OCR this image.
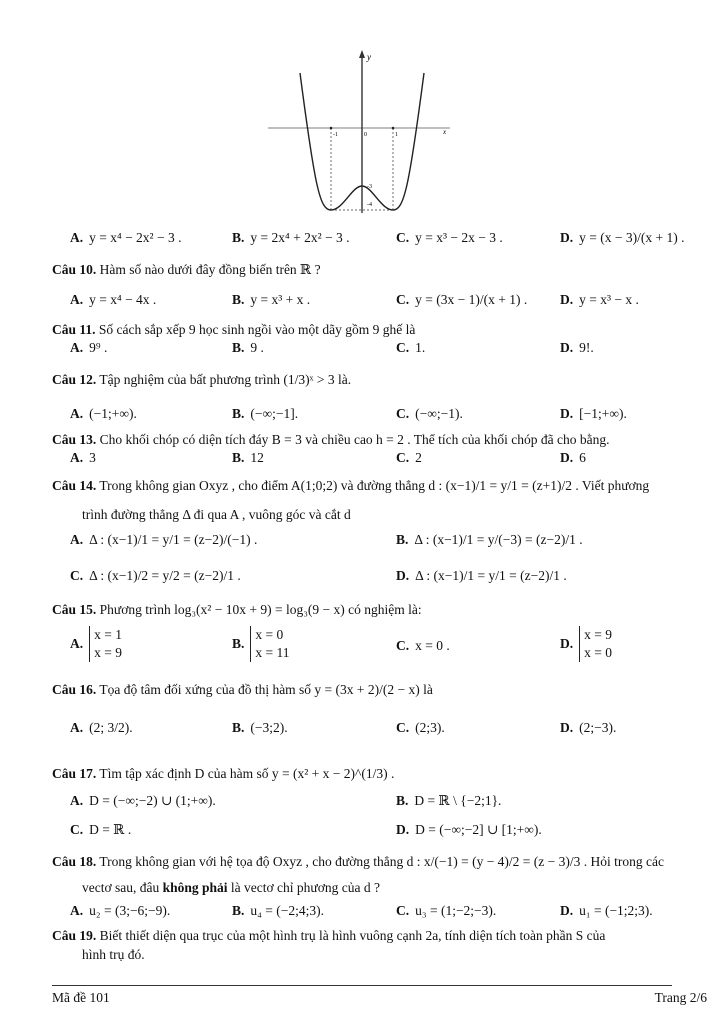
y
x
-1	0	1
-3
-4
A. y = x⁴ − 2x² − 3 .	B. y = 2x⁴ + 2x² − 3 .	C. y = x³ − 2x − 3 .	D. y = (x − 3)/(x + 1) .
Câu 10. Hàm số nào dưới đây đồng biến trên ℝ ?
A. y = x⁴ − 4x .	B. y = x³ + x .	C. y = (3x − 1)/(x + 1) . D. y = x³ − x .
Câu 11. Số cách sắp xếp 9 học sinh ngồi vào một dãy gồm 9 ghế là
A. 9⁹ .	B. 9 .	C. 1.	D. 9!.
Câu 12. Tập nghiệm của bất phương trình (1/3)ˣ > 3 là.
A. (−1;+∞).	B. (−∞;−1].	C. (−∞;−1).	D. [−1;+∞).
Câu 13. Cho khối chóp có diện tích đáy B = 3 và chiều cao h = 2 . Thể tích của khối chóp đã cho bằng.
A. 3	B. 12	C. 2	D. 6
Câu 14. Trong không gian Oxyz , cho điểm A(1;0;2) và đường thẳng d : (x−1)/1 = y/1 = (z+1)/2 . Viết phương
trình đường thẳng Δ đi qua A , vuông góc và cắt d
A. Δ : (x−1)/1 = y/1 = (z−2)/(−1) .	B. Δ : (x−1)/1 = y/(−3) = (z−2)/1 .
C. Δ : (x−1)/2 = y/2 = (z−2)/1 .	D. Δ : (x−1)/1 = y/1 = (z−2)/1 .
Câu 15. Phương trình log₃(x² − 10x + 9) = log₃(9 − x) có nghiệm là:
A.
x = 1
x = 9
B.
x = 0
x = 11	C. x = 0 .	D.
x = 9
x = 0
Câu 16. Tọa độ tâm đối xứng của đồ thị hàm số y = (3x + 2)/(2 − x) là
A. (2; 3/2).	B. (−3;2).	C. (2;3).	D. (2;−3).
Câu 17. Tìm tập xác định D của hàm số y = (x² + x − 2)^(1/3) .
A. D = (−∞;−2) ∪ (1;+∞).	B. D = ℝ \ {−2;1}.
C. D = ℝ .	D. D = (−∞;−2] ∪ [1;+∞).
Câu 18. Trong không gian với hệ tọa độ Oxyz , cho đường thẳng d : x/(−1) = (y − 4)/2 = (z − 3)/3 . Hỏi trong các
vectơ sau, đâu không phải là vectơ chỉ phương của d ?
A. u₂ = (3;−6;−9).	B. u₄ = (−2;4;3).	C. u₃ = (1;−2;−3).	D. u₁ = (−1;2;3).
Câu 19. Biết thiết diện qua trục của một hình trụ là hình vuông cạnh 2a, tính diện tích toàn phần S của
hình trụ đó.
Mã đề 101	Trang 2/6
